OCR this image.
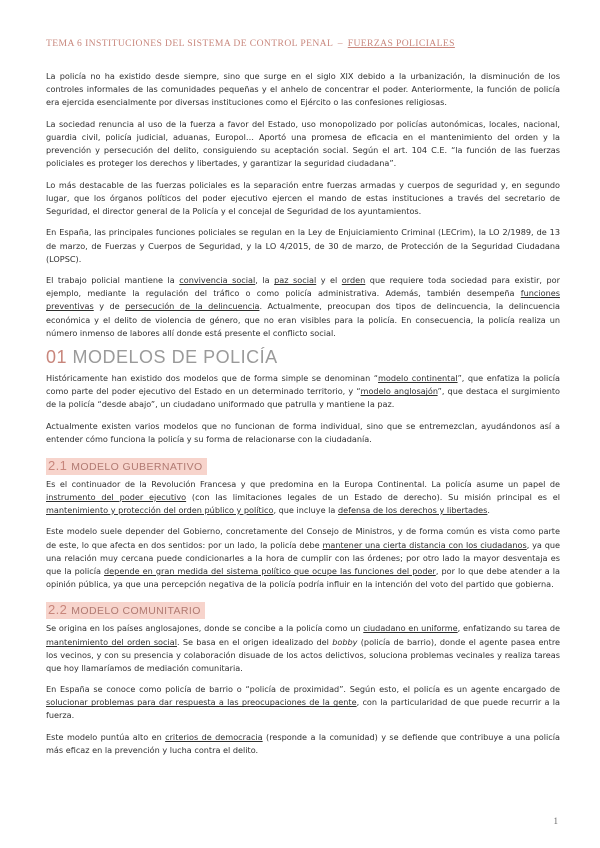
TEMA 6 INSTITUCIONES DEL SISTEMA DE CONTROL PENAL – FUERZAS POLICIALES

La policía no ha existido desde siempre, sino que surge en el siglo XIX debido a la urbanización, la disminución de los controles informales de las comunidades pequeñas y el anhelo de concentrar el poder. Anteriormente, la función de policía era ejercida esencialmente por diversas instituciones como el Ejército o las confesiones religiosas.

La sociedad renuncia al uso de la fuerza a favor del Estado, uso monopolizado por policías autonómicas, locales, nacional, guardia civil, policía judicial, aduanas, Europol… Aportó una promesa de eficacia en el mantenimiento del orden y la prevención y persecución del delito, consiguiendo su aceptación social. Según el art. 104 C.E. “la función de las fuerzas policiales es proteger los derechos y libertades, y garantizar la seguridad ciudadana”.

Lo más destacable de las fuerzas policiales es la separación entre fuerzas armadas y cuerpos de seguridad y, en segundo lugar, que los órganos políticos del poder ejecutivo ejercen el mando de estas instituciones a través del secretario de Seguridad, el director general de la Policía y el concejal de Seguridad de los ayuntamientos.

En España, las principales funciones policiales se regulan en la Ley de Enjuiciamiento Criminal (LECrim), la LO 2/1989, de 13 de marzo, de Fuerzas y Cuerpos de Seguridad, y la LO 4/2015, de 30 de marzo, de Protección de la Seguridad Ciudadana (LOPSC).

El trabajo policial mantiene la convivencia social, la paz social y el orden que requiere toda sociedad para existir, por ejemplo, mediante la regulación del tráfico o como policía administrativa. Además, también desempeña funciones preventivas y de persecución de la delincuencia. Actualmente, preocupan dos tipos de delincuencia, la delincuencia económica y el delito de violencia de género, que no eran visibles para la policía. En consecuencia, la policía realiza un número inmenso de labores allí donde está presente el conflicto social.

01 MODELOS DE POLICÍA

Históricamente han existido dos modelos que de forma simple se denominan “modelo continental”, que enfatiza la policía como parte del poder ejecutivo del Estado en un determinado territorio, y “modelo anglosajón”, que destaca el surgimiento de la policía “desde abajo”, un ciudadano uniformado que patrulla y mantiene la paz.

Actualmente existen varios modelos que no funcionan de forma individual, sino que se entremezclan, ayudándonos así a entender cómo funciona la policía y su forma de relacionarse con la ciudadanía.

2.1 MODELO GUBERNATIVO

Es el continuador de la Revolución Francesa y que predomina en la Europa Continental. La policía asume un papel de instrumento del poder ejecutivo (con las limitaciones legales de un Estado de derecho). Su misión principal es el mantenimiento y protección del orden público y político, que incluye la defensa de los derechos y libertades.

Este modelo suele depender del Gobierno, concretamente del Consejo de Ministros, y de forma común es vista como parte de este, lo que afecta en dos sentidos: por un lado, la policía debe mantener una cierta distancia con los ciudadanos, ya que una relación muy cercana puede condicionarles a la hora de cumplir con las órdenes; por otro lado la mayor desventaja es que la policía depende en gran medida del sistema político que ocupe las funciones del poder, por lo que debe atender a la opinión pública, ya que una percepción negativa de la policía podría influir en la intención del voto del partido que gobierna.

2.2 MODELO COMUNITARIO

Se origina en los países anglosajones, donde se concibe a la policía como un ciudadano en uniforme, enfatizando su tarea de mantenimiento del orden social. Se basa en el origen idealizado del bobby (policía de barrio), donde el agente pasea entre los vecinos, y con su presencia y colaboración disuade de los actos delictivos, soluciona problemas vecinales y realiza tareas que hoy llamaríamos de mediación comunitaria.

En España se conoce como policía de barrio o “policía de proximidad”. Según esto, el policía es un agente encargado de solucionar problemas para dar respuesta a las preocupaciones de la gente, con la particularidad de que puede recurrir a la fuerza.

Este modelo puntúa alto en criterios de democracia (responde a la comunidad) y se defiende que contribuye a una policía más eficaz en la prevención y lucha contra el delito.

1
